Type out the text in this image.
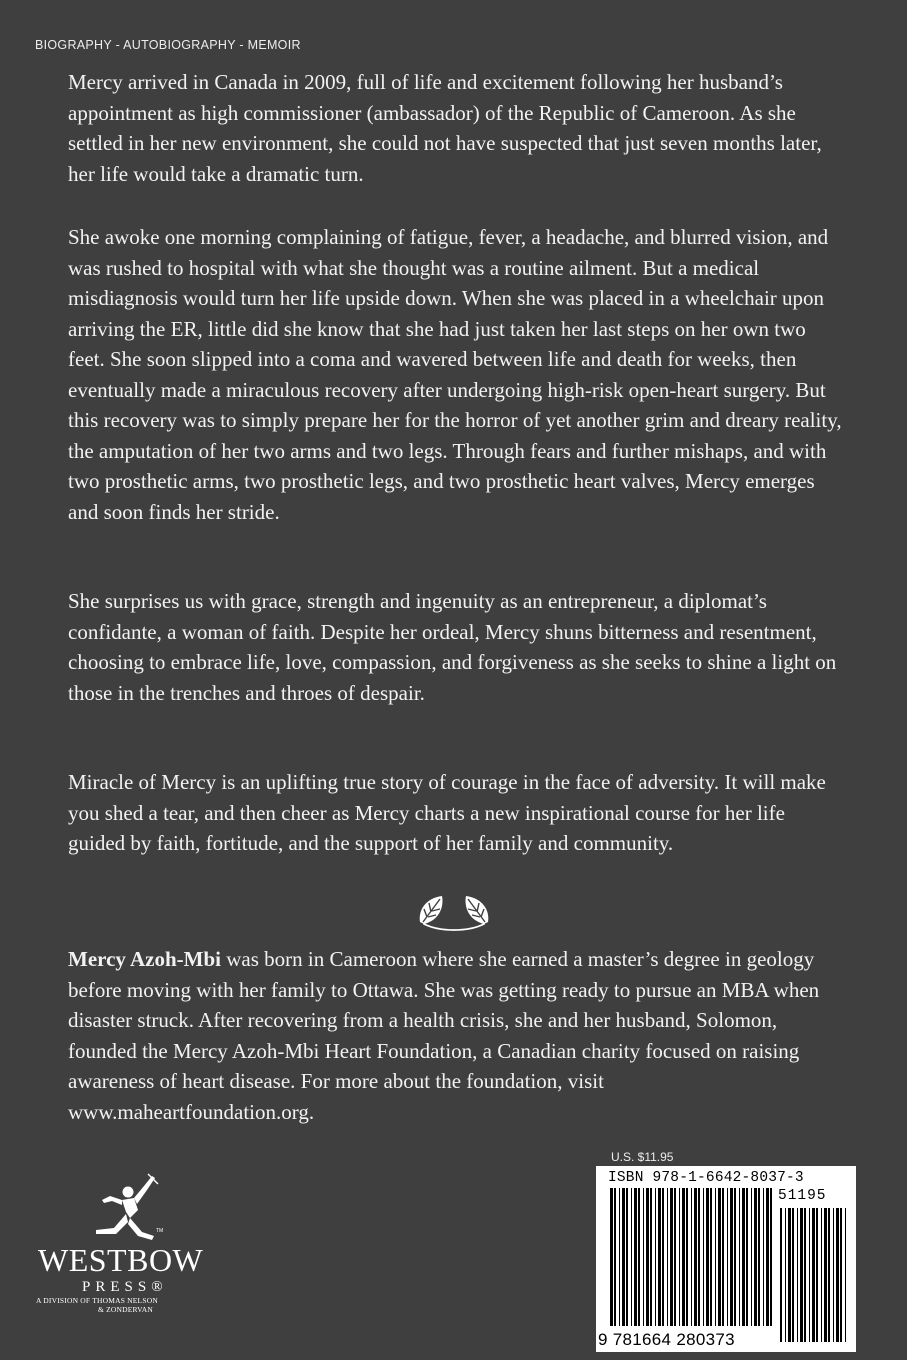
BIOGRAPHY - AUTOBIOGRAPHY - MEMOIR

Mercy arrived in Canada in 2009, full of life and excitement following her husband’s appointment as high commissioner (ambassador) of the Republic of Cameroon. As she settled in her new environment, she could not have suspected that just seven months later, her life would take a dramatic turn.

She awoke one morning complaining of fatigue, fever, a headache, and blurred vision, and was rushed to hospital with what she thought was a routine ailment. But a medical misdiagnosis would turn her life upside down. When she was placed in a wheelchair upon arriving the ER, little did she know that she had just taken her last steps on her own two feet. She soon slipped into a coma and wavered between life and death for weeks, then eventually made a miraculous recovery after undergoing high-risk open-heart surgery. But this recovery was to simply prepare her for the horror of yet another grim and dreary reality, the amputation of her two arms and two legs. Through fears and further mishaps, and with two prosthetic arms, two prosthetic legs, and two prosthetic heart valves, Mercy emerges and soon finds her stride.

She surprises us with grace, strength and ingenuity as an entrepreneur, a diplomat’s confidante, a woman of faith. Despite her ordeal, Mercy shuns bitterness and resentment, choosing to embrace life, love, compassion, and forgiveness as she seeks to shine a light on those in the trenches and throes of despair.

Miracle of Mercy is an uplifting true story of courage in the face of adversity. It will make you shed a tear, and then cheer as Mercy charts a new inspirational course for her life guided by faith, fortitude, and the support of her family and community.

Mercy Azoh-Mbi was born in Cameroon where she earned a master’s degree in geology before moving with her family to Ottawa. She was getting ready to pursue an MBA when disaster struck. After recovering from a health crisis, she and her husband, Solomon, founded the Mercy Azoh-Mbi Heart Foundation, a Canadian charity focused on raising awareness of heart disease. For more about the foundation, visit www.maheartfoundation.org.

U.S. $11.95
ISBN 978-1-6642-8037-3
51195
9 781664 280373
TM
WESTBOW
PRESS®
A DIVISION OF THOMAS NELSON
& ZONDERVAN
